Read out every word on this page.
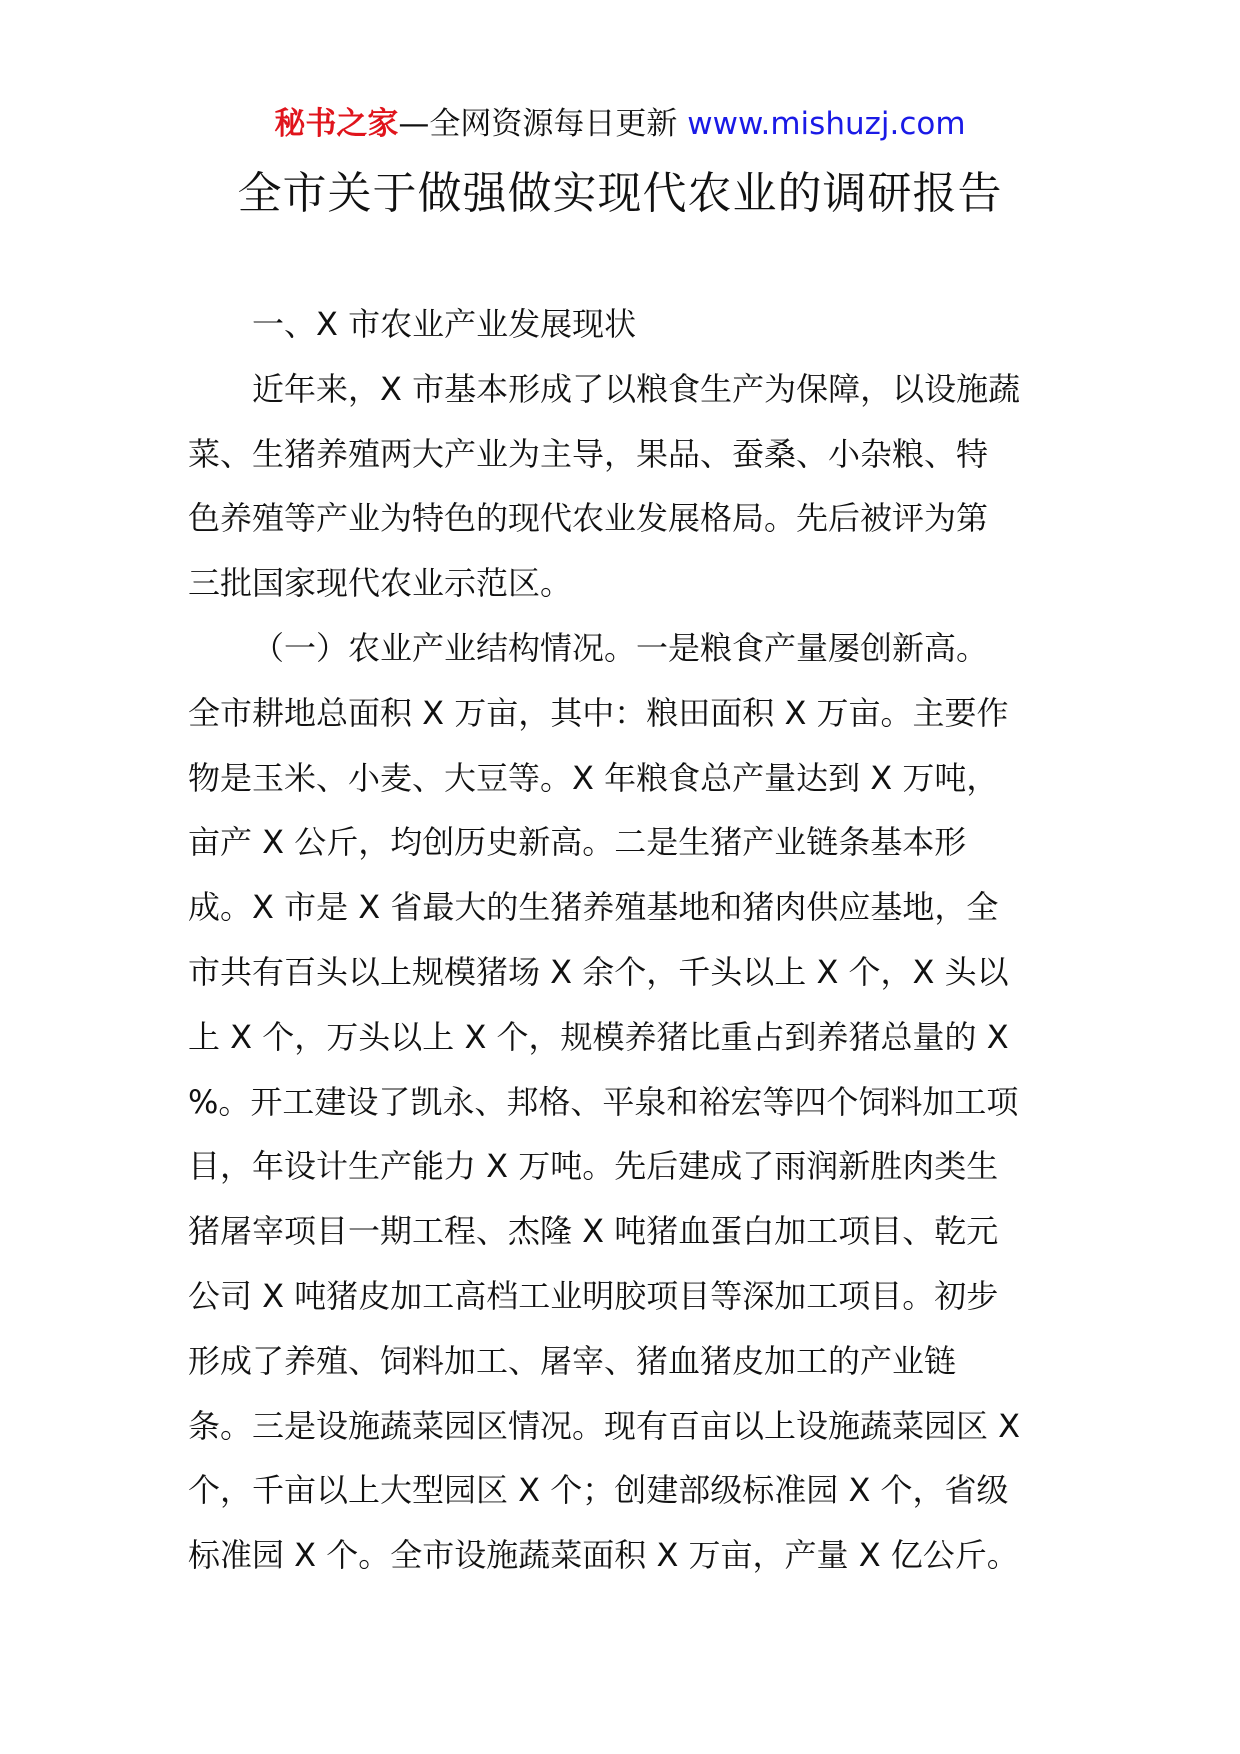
秘书之家—全网资源每日更新 www.mishuzj.com
全市关于做强做实现代农业的调研报告

一、X 市农业产业发展现状

近年来，X 市基本形成了以粮食生产为保障，以设施蔬
菜、生猪养殖两大产业为主导，果品、蚕桑、小杂粮、特
色养殖等产业为特色的现代农业发展格局。先后被评为第
三批国家现代农业示范区。

（一）农业产业结构情况。一是粮食产量屡创新高。
全市耕地总面积 X 万亩，其中：粮田面积 X 万亩。主要作
物是玉米、小麦、大豆等。X 年粮食总产量达到 X 万吨，
亩产 X 公斤，均创历史新高。二是生猪产业链条基本形
成。X 市是 X 省最大的生猪养殖基地和猪肉供应基地，全
市共有百头以上规模猪场 X 余个，千头以上 X 个，X 头以
上 X 个，万头以上 X 个，规模养猪比重占到养猪总量的 X
%。开工建设了凯永、邦格、平泉和裕宏等四个饲料加工项
目，年设计生产能力 X 万吨。先后建成了雨润新胜肉类生
猪屠宰项目一期工程、杰隆 X 吨猪血蛋白加工项目、乾元
公司 X 吨猪皮加工高档工业明胶项目等深加工项目。初步
形成了养殖、饲料加工、屠宰、猪血猪皮加工的产业链
条。三是设施蔬菜园区情况。现有百亩以上设施蔬菜园区 X
个，千亩以上大型园区 X 个；创建部级标准园 X 个，省级
标准园 X 个。全市设施蔬菜面积 X 万亩，产量 X 亿公斤。
